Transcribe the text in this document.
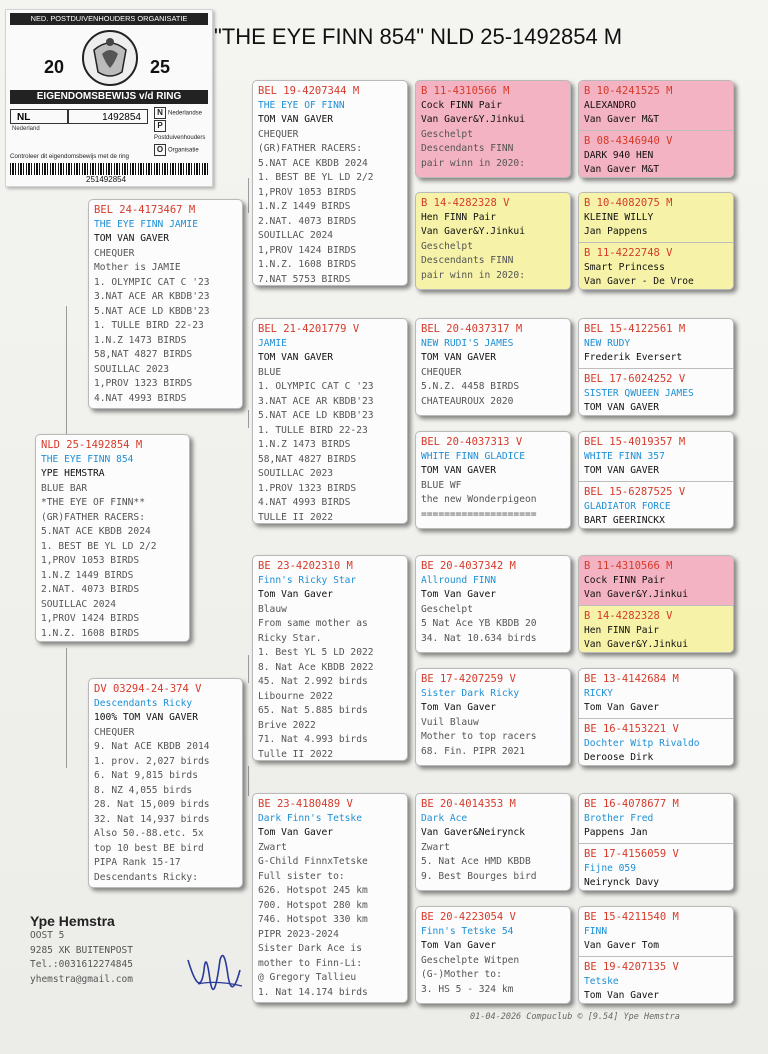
"THE EYE FINN 854" NLD 25-1492854 M
NED. POSTDUIVENHOUDERS ORGANISATIE
20	25
EIGENDOMSBEWIJS v/d RING
NL	1492854
Nederland
N Nederlandse
PPostduivenhouders
O Organisatie
Controleer dit eigendomsbewijs met de ring
251492854
NLD 25-1492854 M
THE EYE FINN 854
YPE HEMSTRA
BLUE BAR
*THE EYE OF FINN**
(GR)FATHER RACERS:
5.NAT ACE KBDB 2024
1. BEST BE YL LD 2/2
1,PROV 1053 BIRDS
1.N.Z 1449 BIRDS
2.NAT. 4073 BIRDS
SOUILLAC 2024
1,PROV 1424 BIRDS
1.N.Z. 1608 BIRDS
BEL 24-4173467 M
THE EYE FINN JAMIE
TOM VAN GAVER
CHEQUER
Mother is JAMIE
1. OLYMPIC CAT C '23
3.NAT ACE AR KBDB'23
5.NAT ACE LD KBDB'23
1. TULLE BIRD 22-23
1.N.Z 1473 BIRDS
58,NAT 4827 BIRDS
SOUILLAC 2023
1,PROV 1323 BIRDS
4.NAT 4993 BIRDS
DV 03294-24-374 V
Descendants Ricky
100% TOM VAN GAVER
CHEQUER
9. Nat ACE KBDB 2014
1. prov. 2,027 birds
6. Nat 9,815 birds
8. NZ 4,055 birds
28. Nat 15,009 birds
32. Nat 14,937 birds
Also 50.-88.etc. 5x
top 10 best BE bird
PIPA Rank 15-17
Descendants Ricky:
BEL 19-4207344 M
THE EYE OF FINN
TOM VAN GAVER
CHEQUER
(GR)FATHER RACERS:
5.NAT ACE KBDB 2024
1. BEST BE YL LD 2/2
1,PROV 1053 BIRDS
1.N.Z 1449 BIRDS
2.NAT. 4073 BIRDS
SOUILLAC 2024
1,PROV 1424 BIRDS
1.N.Z. 1608 BIRDS
7.NAT 5753 BIRDS
BEL 21-4201779 V
JAMIE
TOM VAN GAVER
BLUE
1. OLYMPIC CAT C '23
3.NAT ACE AR KBDB'23
5.NAT ACE LD KBDB'23
1. TULLE BIRD 22-23
1.N.Z 1473 BIRDS
58,NAT 4827 BIRDS
SOUILLAC 2023
1.PROV 1323 BIRDS
4.NAT 4993 BIRDS
TULLE II 2022
BE 23-4202310 M
Finn's Ricky Star
Tom Van Gaver
Blauw
From same mother as
Ricky Star.
1. Best YL 5 LD 2022
8. Nat Ace KBDB 2022
45. Nat 2.992 birds
Libourne 2022
65. Nat 5.885 birds
Brive 2022
71. Nat 4.993 birds
Tulle II 2022
BE 23-4180489 V
Dark Finn's Tetske
Tom Van Gaver
Zwart
G-Child FinnxTetske
Full sister to:
626. Hotspot 245 km
700. Hotspot 280 km
746. Hotspot 330 km
PIPR 2023-2024
Sister Dark Ace is
mother to Finn-Li:
@ Gregory Tallieu
1. Nat 14.174 birds
B 11-4310566 M
Cock FINN Pair
Van Gaver&Y.Jinkui
Geschelpt
Descendants FINN
pair winn in 2020:
B 14-4282328 V
Hen FINN Pair
Van Gaver&Y.Jinkui
Geschelpt
Descendants FINN
pair winn in 2020:
BEL 20-4037317 M
NEW RUDI'S JAMES
TOM VAN GAVER
CHEQUER
5.N.Z. 4458 BIRDS
CHATEAUROUX 2020
BEL 20-4037313 V
WHITE FINN GLADICE
TOM VAN GAVER
BLUE WF
the new Wonderpigeon
====================
BE 20-4037342 M
Allround FINN
Tom Van Gaver
Geschelpt
5 Nat Ace YB KBDB 20
34. Nat 10.634 birds
BE 17-4207259 V
Sister Dark Ricky
Tom Van Gaver
Vuil Blauw
Mother to top racers
68. Fin. PIPR 2021
BE 20-4014353 M
Dark Ace
Van Gaver&Neirynck
Zwart
5. Nat Ace HMD KBDB
9. Best Bourges bird
BE 20-4223054 V
Finn's Tetske 54
Tom Van Gaver
Geschelpte Witpen
(G-)Mother to:
3. HS 5 - 324 km
B 10-4241525 M
ALEXANDRO
Van Gaver M&T
B 08-4346940 V
DARK 940 HEN
Van Gaver M&T
B 10-4082075 M
KLEINE WILLY
Jan Pappens
B 11-4222748 V
Smart Princess
Van Gaver - De Vroe
BEL 15-4122561 M
NEW RUDY
Frederik Eversert
BEL 17-6024252 V
SISTER QWUEEN JAMES
TOM VAN GAVER
BEL 15-4019357 M
WHITE FINN 357
TOM VAN GAVER
BEL 15-6287525 V
GLADIATOR FORCE
BART GEERINCKX
B 11-4310566 M
Cock FINN Pair
Van Gaver&Y.Jinkui
B 14-4282328 V
Hen FINN Pair
Van Gaver&Y.Jinkui
BE 13-4142684 M
RICKY
Tom Van Gaver
BE 16-4153221 V
Dochter Witp Rivaldo
Deroose Dirk
BE 16-4078677 M
Brother Fred
Pappens Jan
BE 17-4156059 V
Fijne 059
Neirynck Davy
BE 15-4211540 M
FINN
Van Gaver Tom
BE 19-4207135 V
Tetske
Tom Van Gaver
Ype Hemstra
OOST 5
9285 XK BUITENPOST
Tel.:0031612274845
yhemstra@gmail.com
01-04-2026 Compuclub © [9.54] Ype Hemstra
